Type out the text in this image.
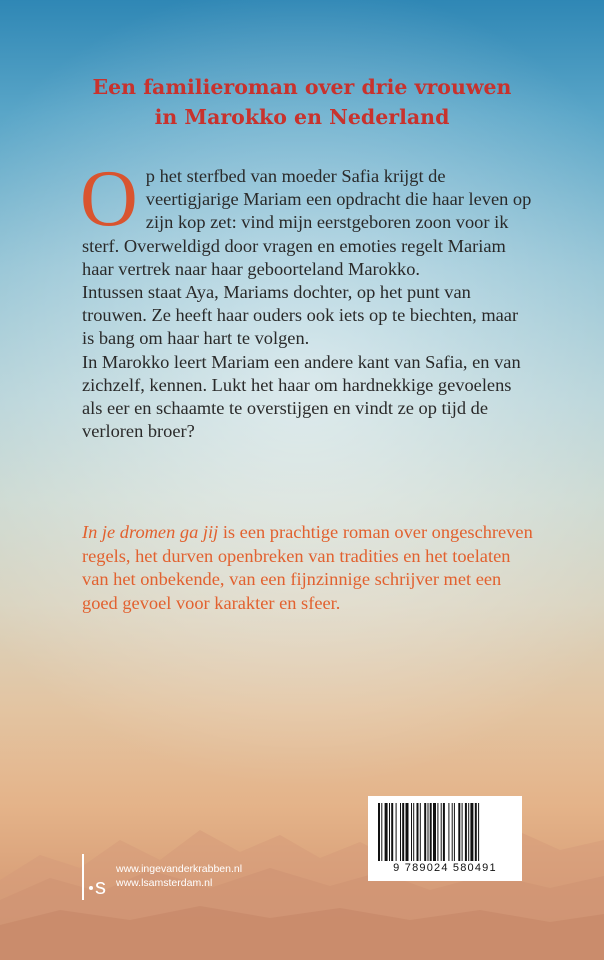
Een familieroman over drie vrouwen
in Marokko en Nederland

Op het sterfbed van moeder Safia krijgt de veertigjarige Mariam een opdracht die haar leven op zijn kop zet: vind mijn eerstgeboren zoon voor ik sterf. Overweldigd door vragen en emoties regelt Mariam haar vertrek naar haar geboorteland Marokko.

Intussen staat Aya, Mariams dochter, op het punt van trouwen. Ze heeft haar ouders ook iets op te biechten, maar is bang om haar hart te volgen.

In Marokko leert Mariam een andere kant van Safia, en van zichzelf, kennen. Lukt het haar om hardnekkige gevoelens als eer en schaamte te overstijgen en vindt ze op tijd de verloren broer?

In je dromen ga jij is een prachtige roman over ongeschreven regels, het durven openbreken van tradities en het toelaten van het onbekende, van een fijnzinnige schrijver met een goed gevoel voor karakter en sfeer.
s
www.ingevanderkrabben.nl
www.lsamsterdam.nl
9 789024 580491
